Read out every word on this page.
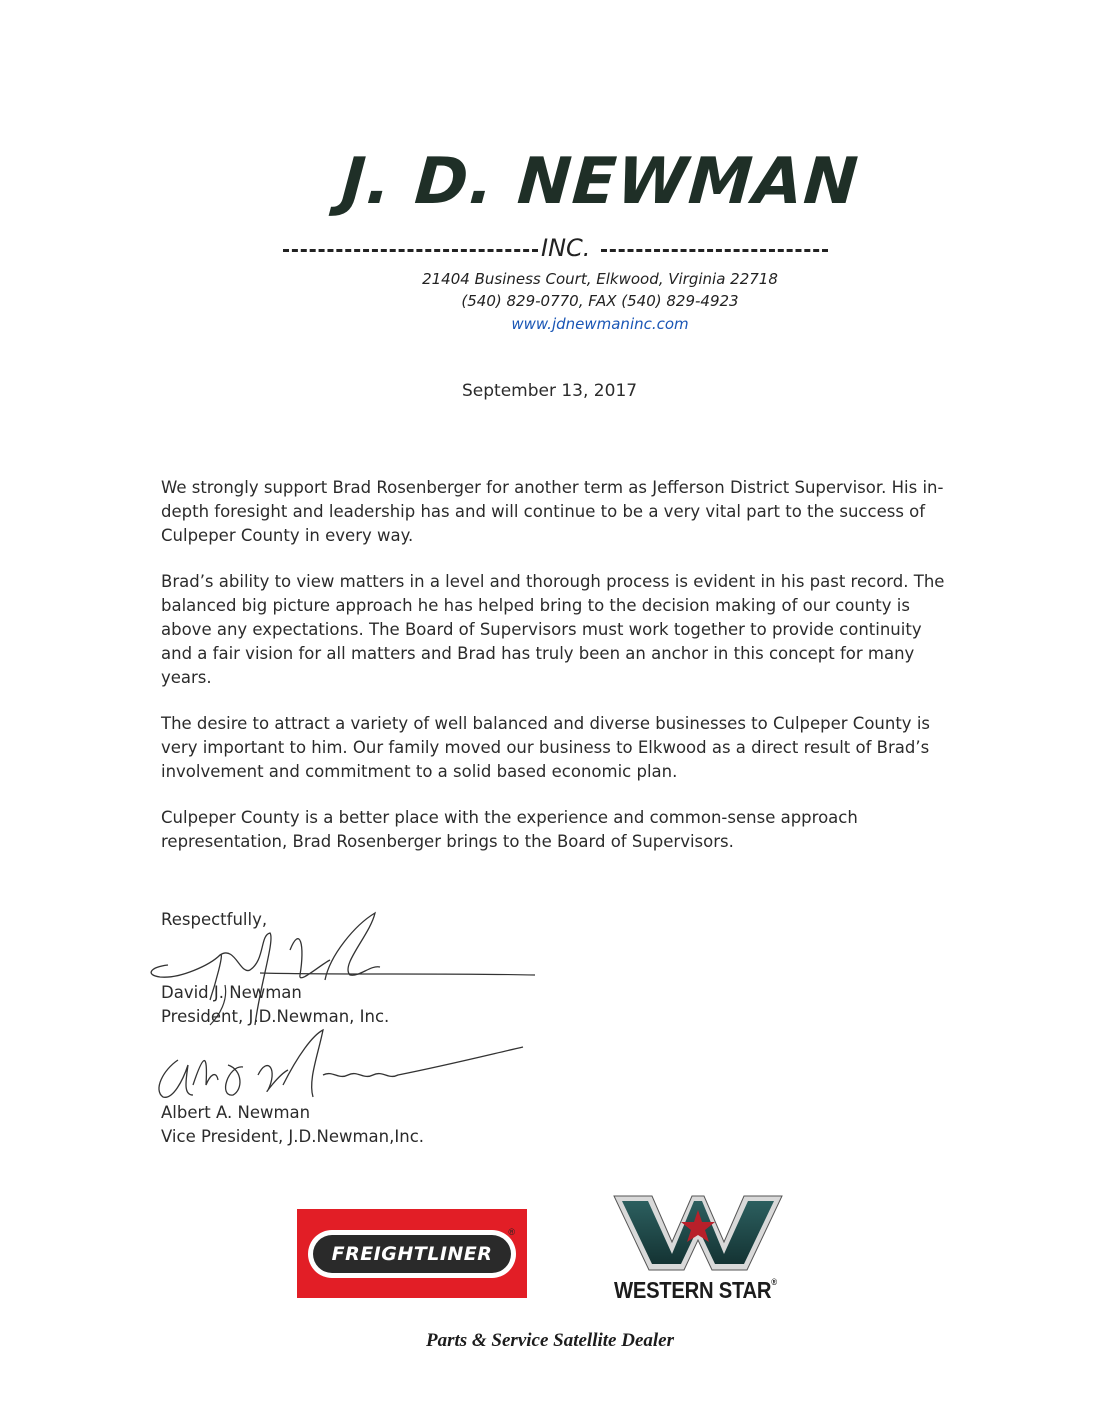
J. D. NEWMAN
INC.
21404 Business Court, Elkwood, Virginia 22718
(540) 829-0770, FAX (540) 829-4923
www.jdnewmaninc.com
September 13, 2017

We strongly support Brad Rosenberger for another term as Jefferson District Supervisor. His in-depth foresight and leadership has and will continue to be a very vital part to the success of Culpeper County in every way.

Brad’s ability to view matters in a level and thorough process is evident in his past record. The balanced big picture approach he has helped bring to the decision making of our county is above any expectations. The Board of Supervisors must work together to provide continuity and a fair vision for all matters and Brad has truly been an anchor in this concept for many years.

The desire to attract a variety of well balanced and diverse businesses to Culpeper County is very important to him. Our family moved our business to Elkwood as a direct result of Brad’s involvement and commitment to a solid based economic plan.

Culpeper County is a better place with the experience and common-sense approach representation, Brad Rosenberger brings to the Board of Supervisors.

Respectfully,
David J. Newman
President, J.D.Newman, Inc.
Albert A. Newman
Vice President, J.D.Newman,Inc.
FREIGHTLINER
®
WESTERN STAR®
Parts & Service Satellite Dealer
